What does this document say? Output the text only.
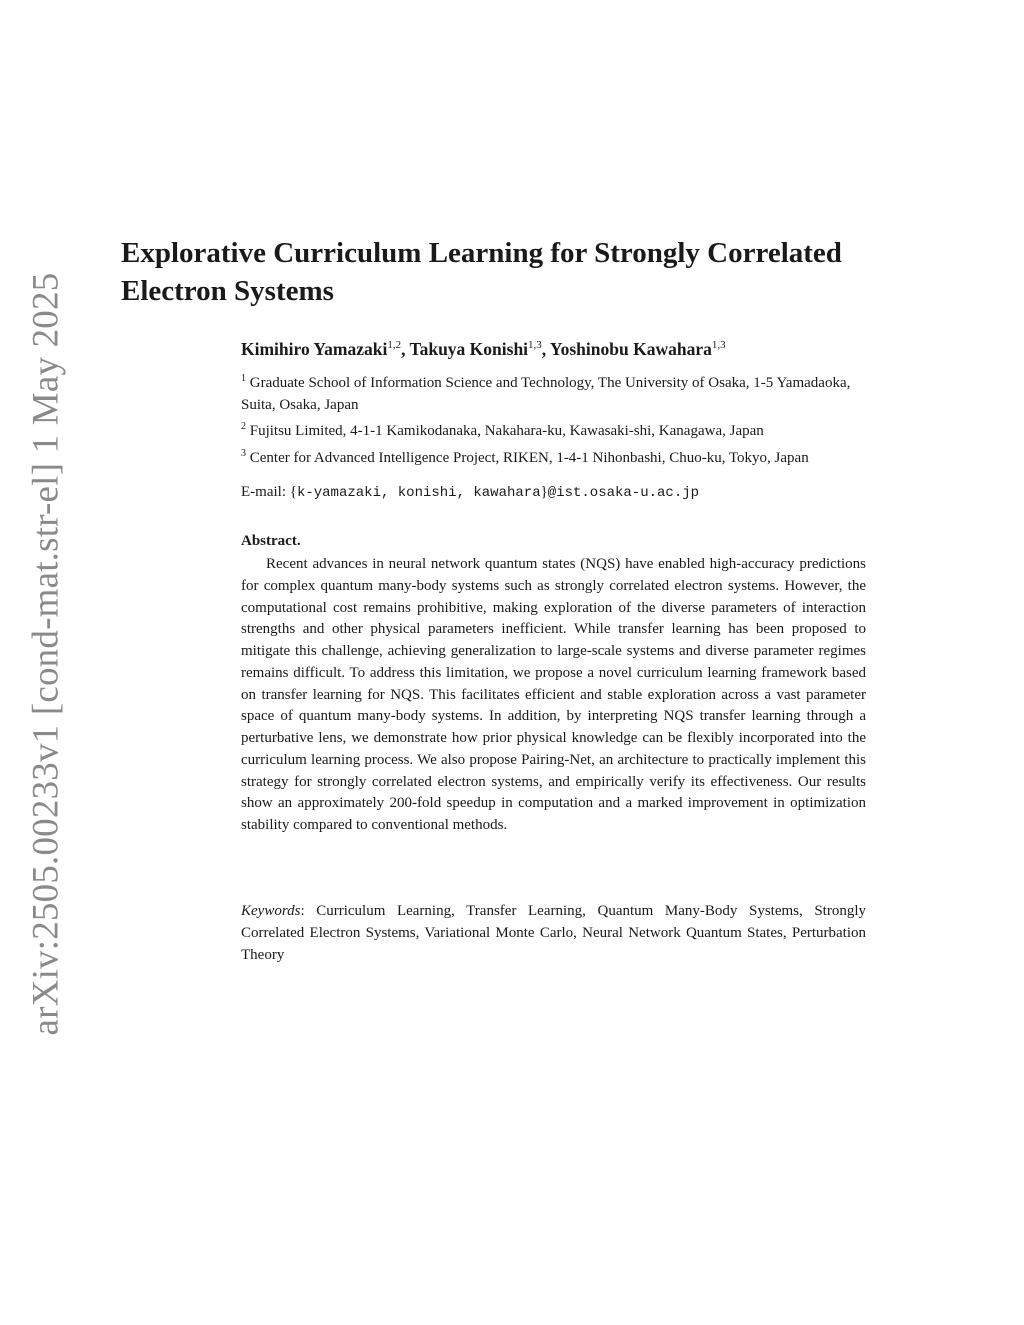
arXiv:2505.00233v1 [cond-mat.str-el] 1 May 2025
Explorative Curriculum Learning for Strongly Correlated Electron Systems
Kimihiro Yamazaki$^{1,2}$, Takuya Konishi$^{1,3}$, Yoshinobu Kawahara$^{1,3}$
$^1$ Graduate School of Information Science and Technology, The University of Osaka, 1-5 Yamadaoka, Suita, Osaka, Japan
$^2$ Fujitsu Limited, 4-1-1 Kamikodanaka, Nakahara-ku, Kawasaki-shi, Kanagawa, Japan
$^3$ Center for Advanced Intelligence Project, RIKEN, 1-4-1 Nihonbashi, Chuo-ku, Tokyo, Japan
E-mail: {k-yamazaki, konishi, kawahara}@ist.osaka-u.ac.jp
Abstract.

Recent advances in neural network quantum states (NQS) have enabled high-accuracy predictions for complex quantum many-body systems such as strongly correlated electron systems. However, the computational cost remains prohibitive, making exploration of the diverse parameters of interaction strengths and other physical parameters inefficient. While transfer learning has been proposed to mitigate this challenge, achieving generalization to large-scale systems and diverse parameter regimes remains difficult. To address this limitation, we propose a novel curriculum learning framework based on transfer learning for NQS. This facilitates efficient and stable exploration across a vast parameter space of quantum many-body systems. In addition, by interpreting NQS transfer learning through a perturbative lens, we demonstrate how prior physical knowledge can be flexibly incorporated into the curriculum learning process. We also propose Pairing-Net, an architecture to practically implement this strategy for strongly correlated electron systems, and empirically verify its effectiveness. Our results show an approximately 200-fold speedup in computation and a marked improvement in optimization stability compared to conventional methods.

Keywords: Curriculum Learning, Transfer Learning, Quantum Many-Body Systems, Strongly Correlated Electron Systems, Variational Monte Carlo, Neural Network Quantum States, Perturbation Theory
